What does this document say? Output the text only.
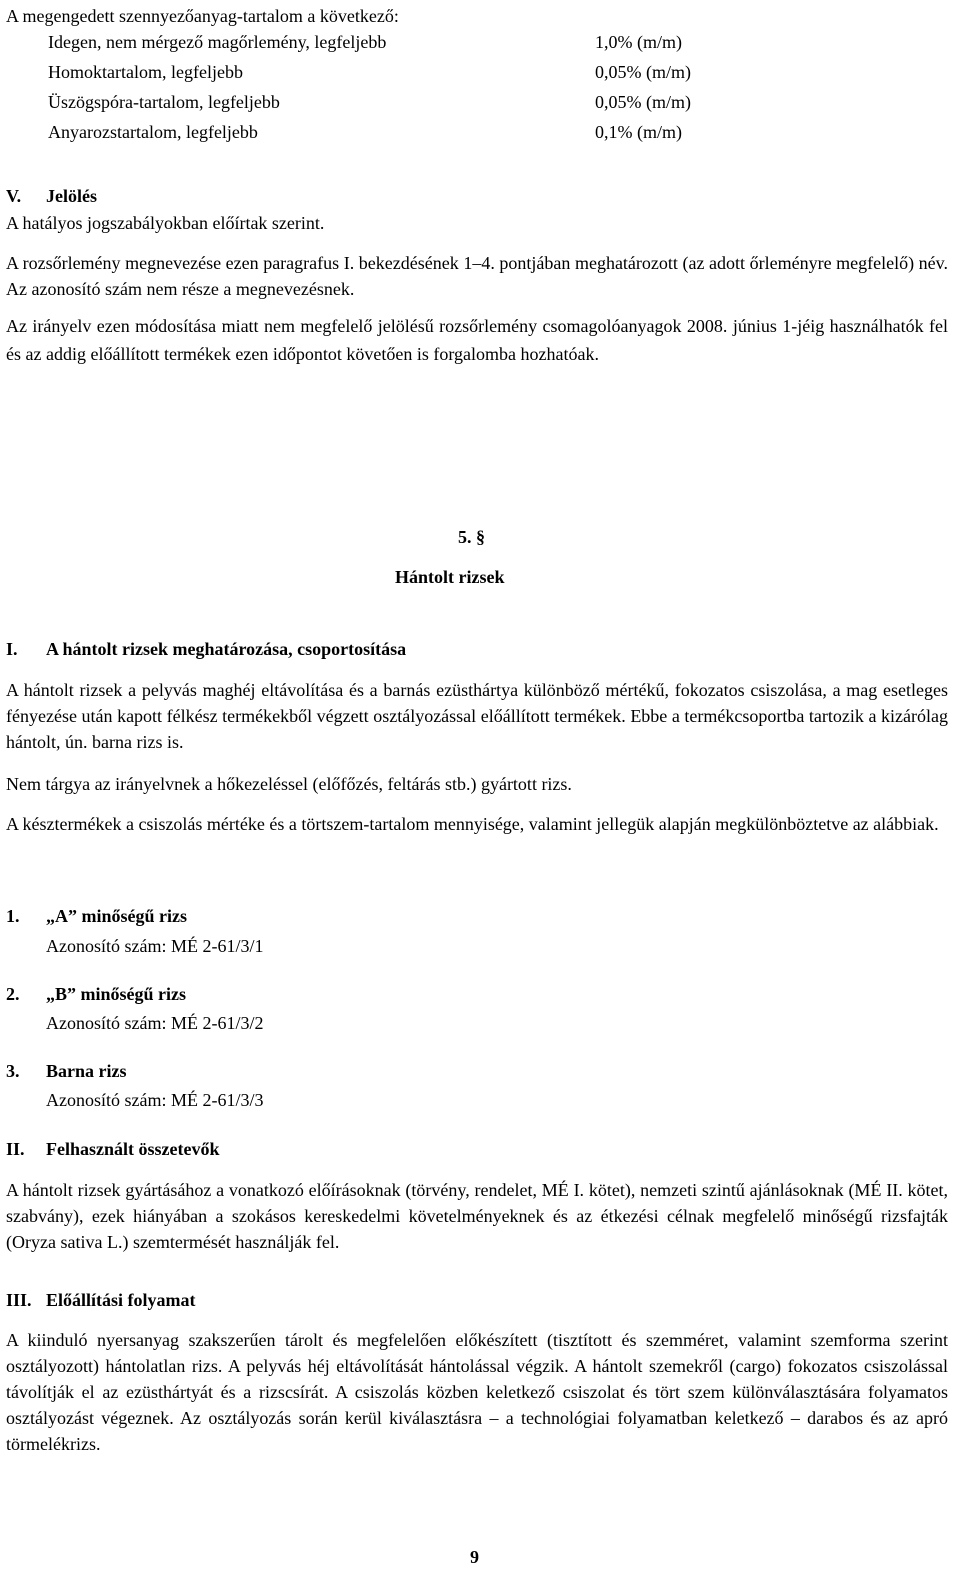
A megengedett szennyezőanyag-tartalom a következő:
Idegen, nem mérgező magőrlemény, legfeljebb	1,0% (m/m)
Homoktartalom, legfeljebb	0,05% (m/m)
Üszögspóra-tartalom, legfeljebb	0,05% (m/m)
Anyarozstartalom, legfeljebb	0,1% (m/m)
V. Jelölés
A hatályos jogszabályokban előírtak szerint.
A rozsőrlemény megnevezése ezen paragrafus I. bekezdésének 1‒4. pontjában meghatározott (az adott őrleményre megfelelő) név. Az azonosító szám nem része a megnevezésnek.
Az irányelv ezen módosítása miatt nem megfelelő jelölésű rozsőrlemény csomagolóanyagok 2008. június 1-jéig használhatók fel és az addig előállított termékek ezen időpontot követően is forgalomba hozhatóak.
5. §
Hántolt rizsek
I. A hántolt rizsek meghatározása, csoportosítása
A hántolt rizsek a pelyvás maghéj eltávolítása és a barnás ezüsthártya különböző mértékű, fokozatos csiszolása, a mag esetleges fényezése után kapott félkész termékekből végzett osztályozással előállított termékek. Ebbe a termékcsoportba tartozik a kizárólag hántolt, ún. barna rizs is.
Nem tárgya az irányelvnek a hőkezeléssel (előfőzés, feltárás stb.) gyártott rizs.
A késztermékek a csiszolás mértéke és a törtszem-tartalom mennyisége, valamint jellegük alapján megkülönböztetve az alábbiak.
1. „A” minőségű rizs
Azonosító szám: MÉ 2-61/3/1
2. „B” minőségű rizs
Azonosító szám: MÉ 2-61/3/2
3. Barna rizs
Azonosító szám: MÉ 2-61/3/3
II. Felhasznált összetevők
A hántolt rizsek gyártásához a vonatkozó előírásoknak (törvény, rendelet, MÉ I. kötet), nemzeti szintű ajánlásoknak (MÉ II. kötet, szabvány), ezek hiányában a szokásos kereskedelmi követelményeknek és az étkezési célnak megfelelő minőségű rizsfajták (Oryza sativa L.) szemtermését használják fel.
III. Előállítási folyamat
A kiinduló nyersanyag szakszerűen tárolt és megfelelően előkészített (tisztított és szemméret, valamint szemforma szerint osztályozott) hántolatlan rizs. A pelyvás héj eltávolítását hántolással végzik. A hántolt szemekről (cargo) fokozatos csiszolással távolítják el az ezüsthártyát és a rizscsírát. A csiszolás közben keletkező csiszolat és tört szem különválasztására folyamatos osztályozást végeznek. Az osztályozás során kerül kiválasztásra ‒ a technológiai folyamatban keletkező ‒ darabos és az apró törmelékrizs.
9
